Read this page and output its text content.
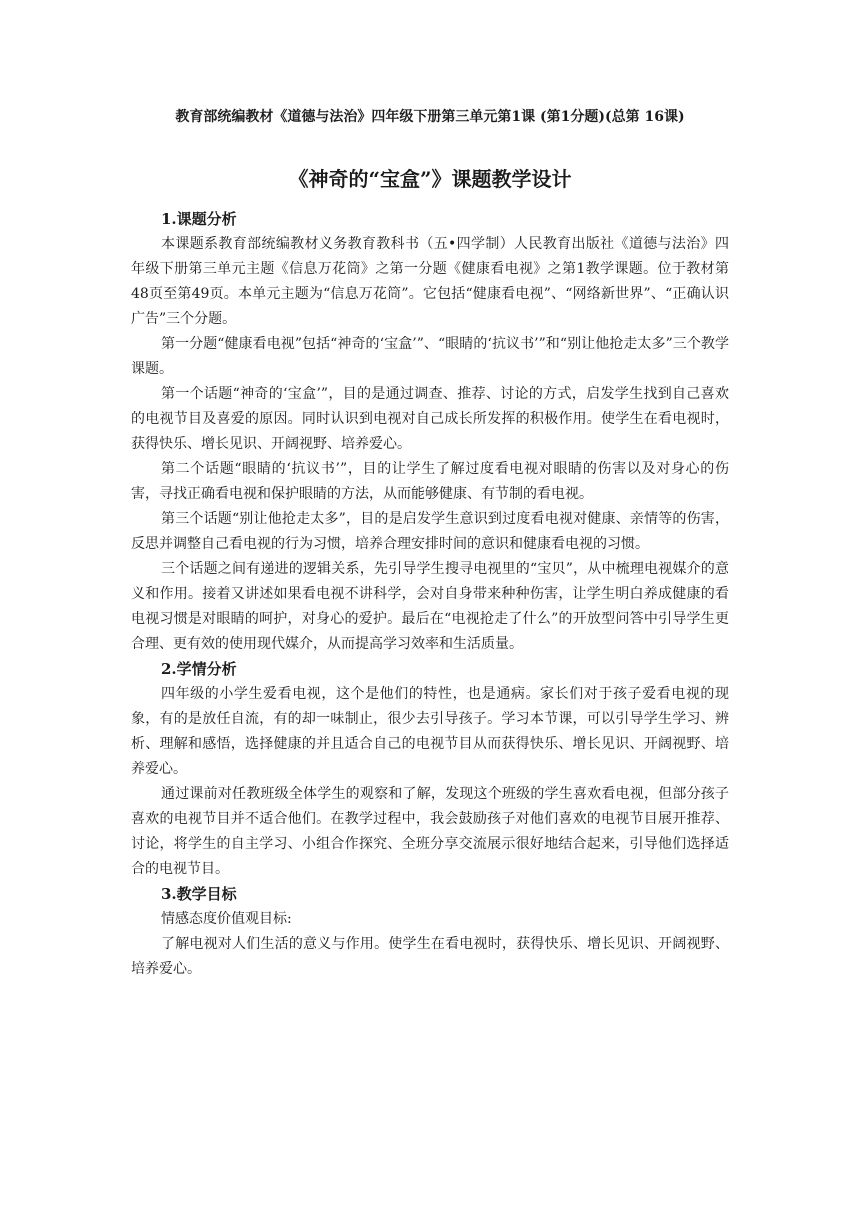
教育部统编教材《道德与法治》四年级下册第三单元第1课 (第1分题)(总第 16课)
《神奇的“宝盒”》课题教学设计

1.课题分析

本课题系教育部统编教材义务教育教科书（五•四学制）人民教育出版社《道德与法治》四年级下册第三单元主题《信息万花筒》之第一分题《健康看电视》之第1教学课题。位于教材第48页至第49页。本单元主题为“信息万花筒”。它包括“健康看电视”、“网络新世界”、“正确认识广告”三个分题。

第一分题“健康看电视”包括“神奇的‘宝盒’”、“眼睛的‘抗议书’”和“别让他抢走太多”三个教学课题。

第一个话题“神奇的‘宝盒’”，目的是通过调查、推荐、讨论的方式，启发学生找到自己喜欢的电视节目及喜爱的原因。同时认识到电视对自己成长所发挥的积极作用。使学生在看电视时，获得快乐、增长见识、开阔视野、培养爱心。

第二个话题“眼睛的‘抗议书’”，目的让学生了解过度看电视对眼睛的伤害以及对身心的伤害，寻找正确看电视和保护眼睛的方法，从而能够健康、有节制的看电视。

第三个话题“别让他抢走太多”，目的是启发学生意识到过度看电视对健康、亲情等的伤害，反思并调整自己看电视的行为习惯，培养合理安排时间的意识和健康看电视的习惯。

三个话题之间有递进的逻辑关系，先引导学生搜寻电视里的“宝贝”，从中梳理电视媒介的意义和作用。接着又讲述如果看电视不讲科学，会对自身带来种种伤害，让学生明白养成健康的看电视习惯是对眼睛的呵护，对身心的爱护。最后在“电视抢走了什么”的开放型问答中引导学生更合理、更有效的使用现代媒介，从而提高学习效率和生活质量。

2.学情分析

四年级的小学生爱看电视，这个是他们的特性，也是通病。家长们对于孩子爱看电视的现象，有的是放任自流，有的却一味制止，很少去引导孩子。学习本节课，可以引导学生学习、辨析、理解和感悟，选择健康的并且适合自己的电视节目从而获得快乐、增长见识、开阔视野、培养爱心。

通过课前对任教班级全体学生的观察和了解，发现这个班级的学生喜欢看电视，但部分孩子喜欢的电视节目并不适合他们。在教学过程中，我会鼓励孩子对他们喜欢的电视节目展开推荐、讨论，将学生的自主学习、小组合作探究、全班分享交流展示很好地结合起来，引导他们选择适合的电视节目。

3.教学目标

情感态度价值观目标:

了解电视对人们生活的意义与作用。使学生在看电视时，获得快乐、增长见识、开阔视野、培养爱心。
